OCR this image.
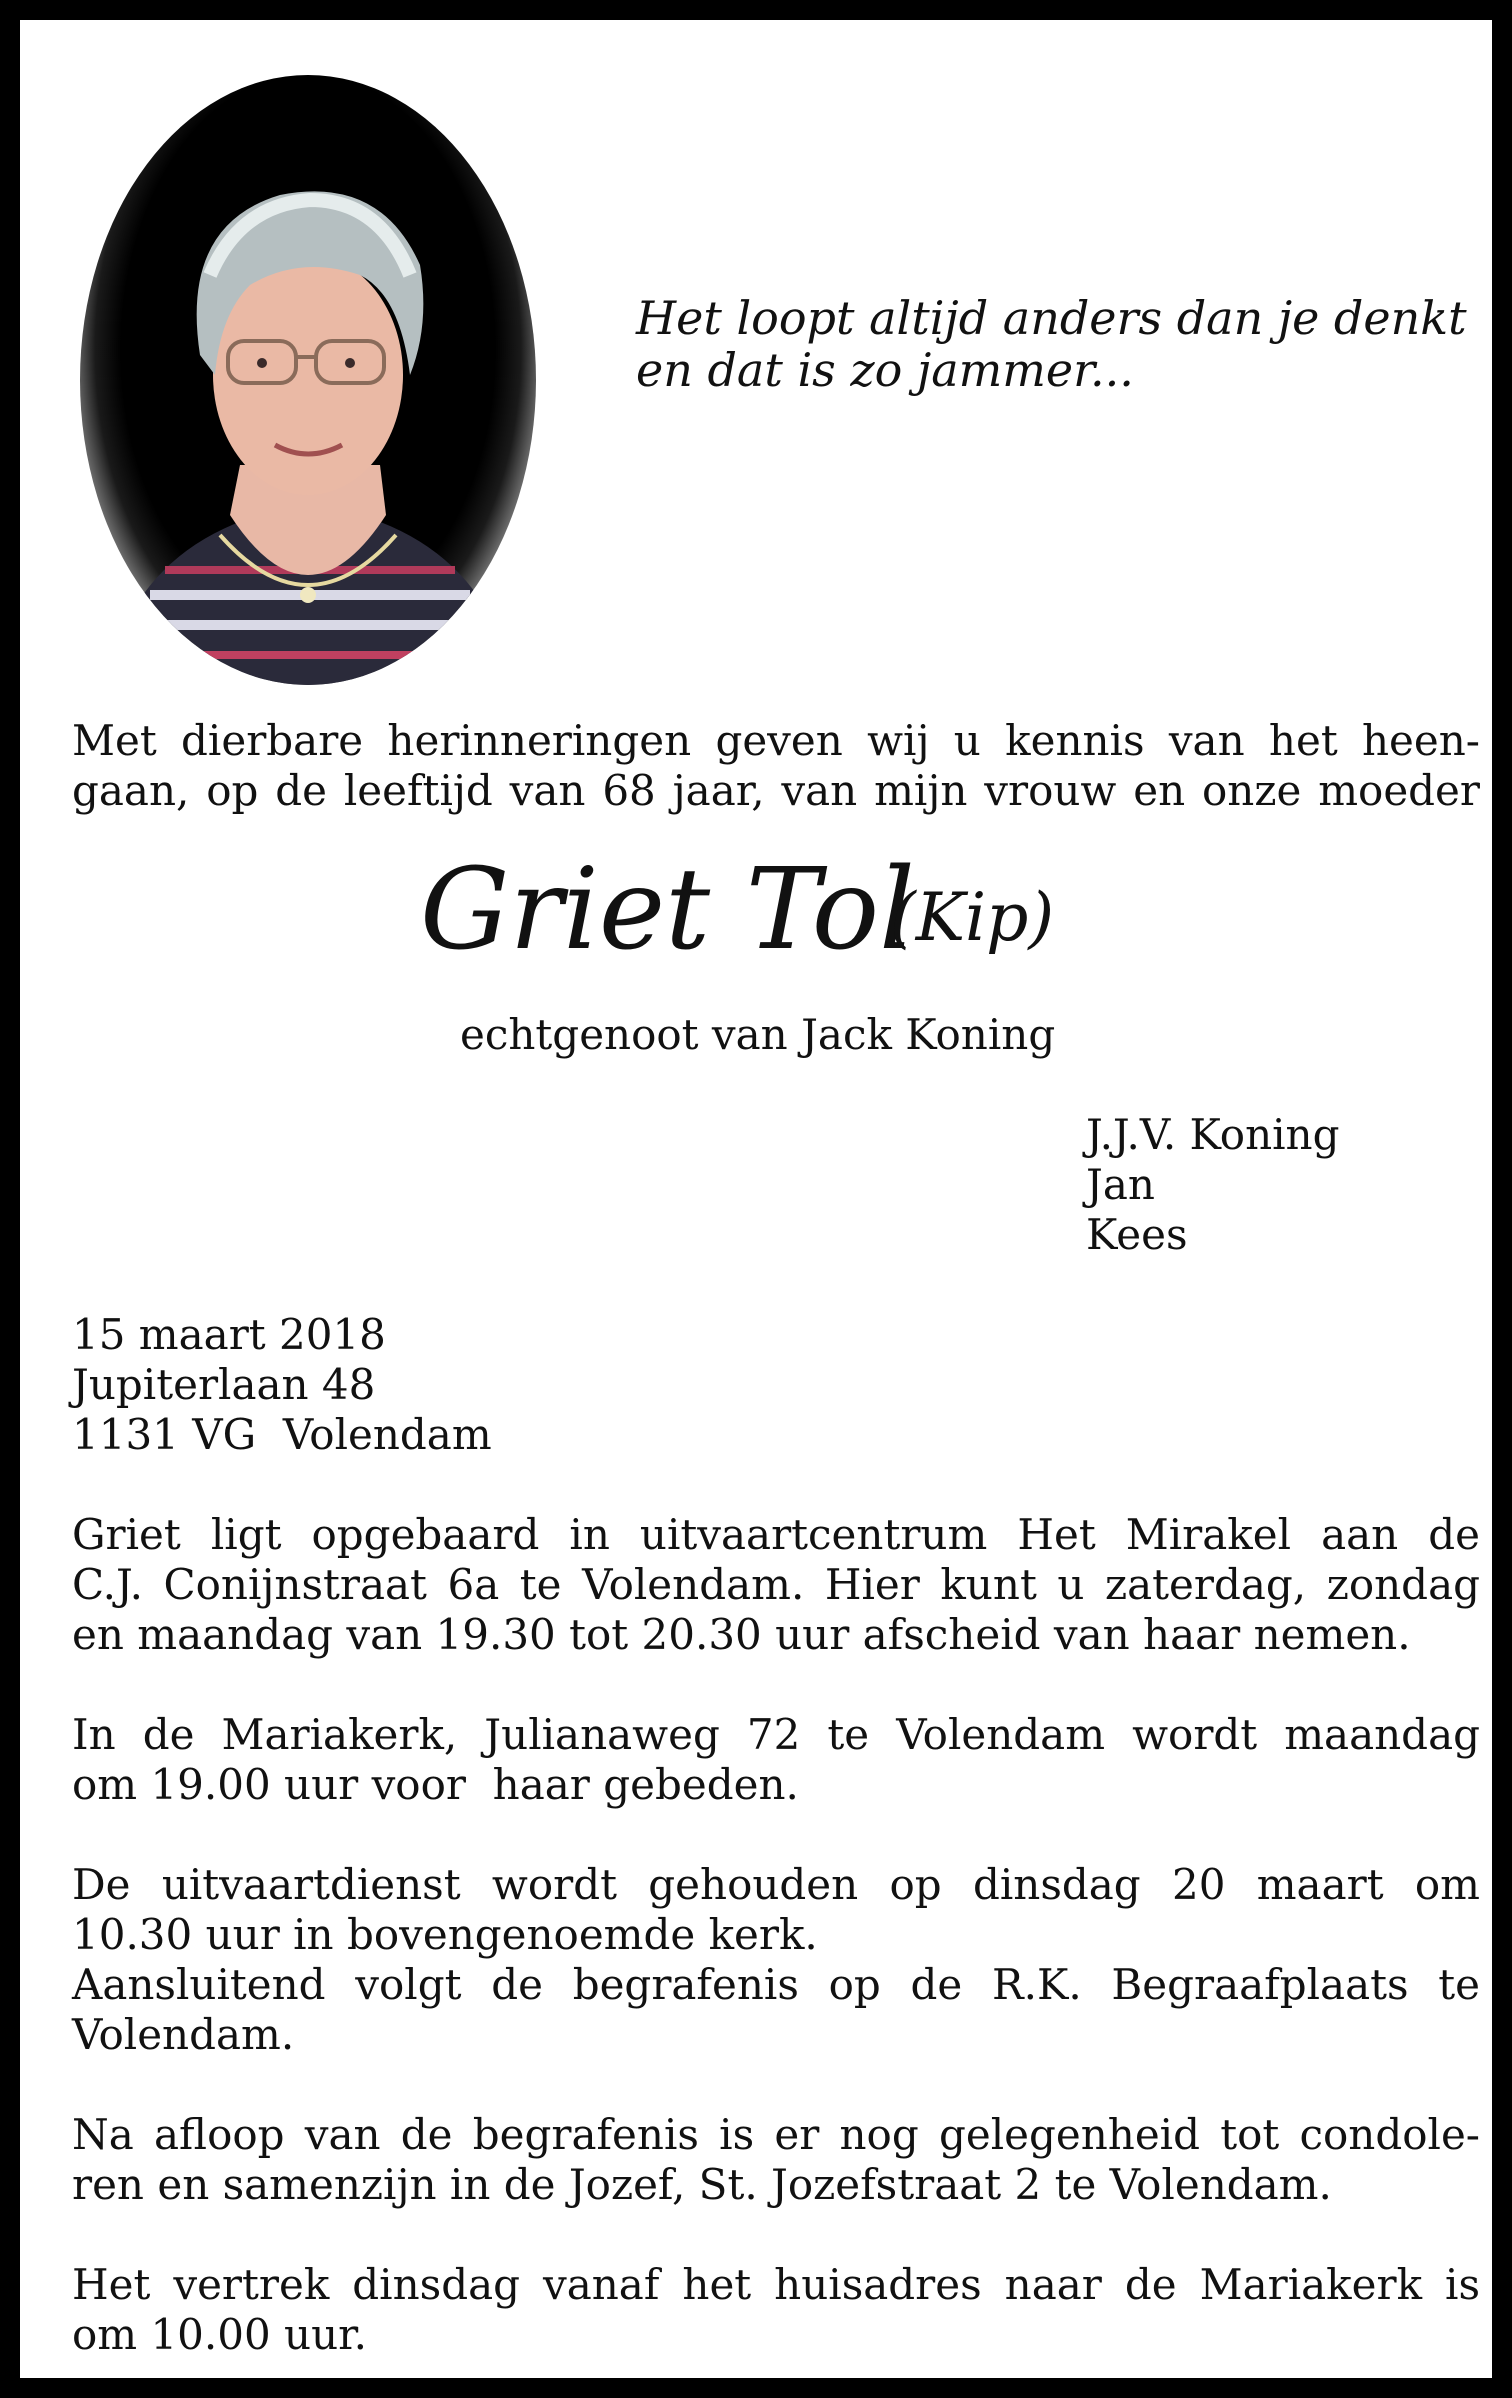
Het loopt altijd anders dan je denkt
en dat is zo jammer...
Met dierbare herinneringen geven wij u kennis van het heen-
gaan, op de leeftijd van 68 jaar, van mijn vrouw en onze moeder
Griet Tol
(Kip)
echtgenoot van Jack Koning
J.J.V. Koning
Jan
Kees
15 maart 2018
Jupiterlaan 48
1131 VG  Volendam
Griet ligt opgebaard in uitvaartcentrum Het Mirakel aan de
C.J. Conijnstraat 6a te Volendam. Hier kunt u zaterdag, zondag
en maandag van 19.30 tot 20.30 uur afscheid van haar nemen.
In de Mariakerk, Julianaweg 72 te Volendam wordt maandag
om 19.00 uur voor  haar gebeden.
De uitvaartdienst wordt gehouden op dinsdag 20 maart om
10.30 uur in bovengenoemde kerk.
Aansluitend volgt de begrafenis op de R.K. Begraafplaats te
Volendam.
Na afloop van de begrafenis is er nog gelegenheid tot condole-
ren en samenzijn in de Jozef, St. Jozefstraat 2 te Volendam.
Het vertrek dinsdag vanaf het huisadres naar de Mariakerk is
om 10.00 uur.
